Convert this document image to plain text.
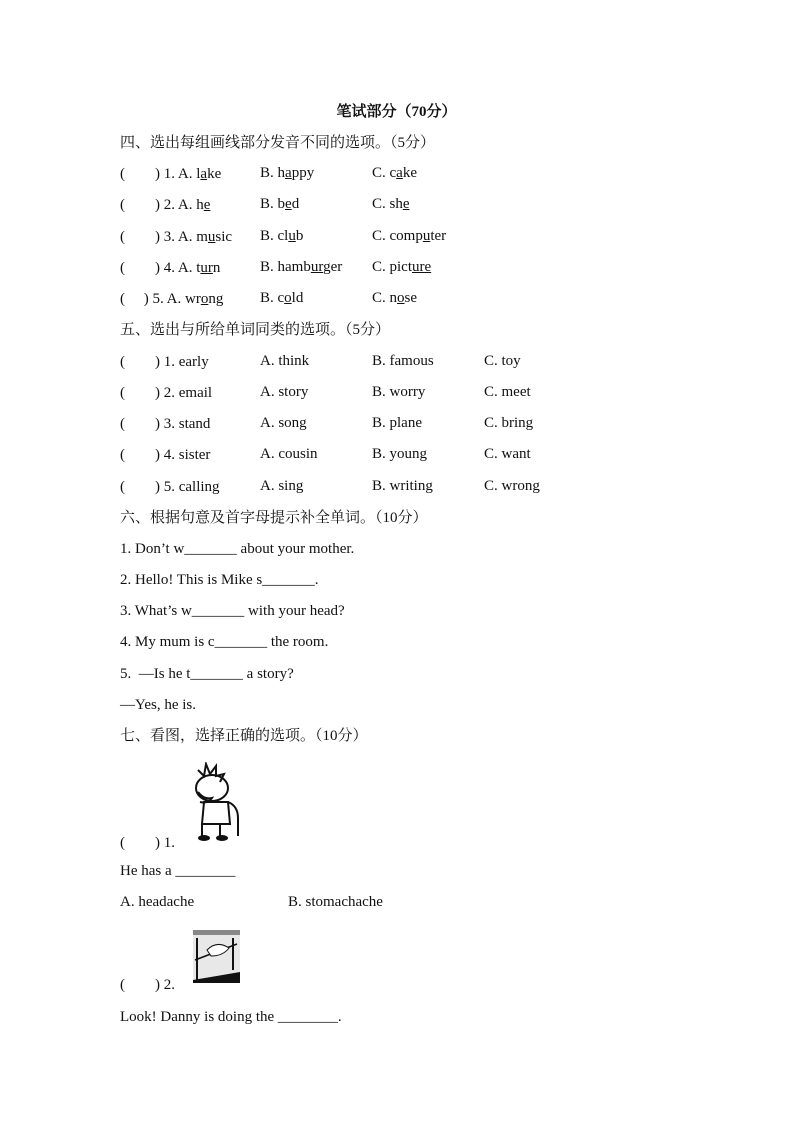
笔试部分（70分）
四、选出每组画线部分发音不同的选项。（5分）
五、选出与所给单词同类的选项。（5分）
六、根据句意及首字母提示补全单词。（10分）
七、看图，选择正确的选项。（10分）
(        ) 1.
He has a ________
A. headache	B. stomachache
(        ) 2.
Look! Danny is doing the ________.
(        ) 1. A. lake	B. happy	C. cake
(        ) 2. A. he	B. bed	C. she
(        ) 3. A. music B. club	C. computer
(        ) 4. A. turn	B. hamburger C. picture
(     ) 5. A. wrong B. cold	C. nose
(        ) 1. early	A. think	B. famous	C. toy
(        ) 2. email	A. story	B. worry	C. meet
(        ) 3. stand	A. song	B. plane	C. bring
(        ) 4. sister	A. cousin	B. young	C. want
(        ) 5. calling	A. sing	B. writing	C. wrong
1. Don’t w_______ about your mother.
2. Hello! This is Mike s_______.
3. What’s w_______ with your head?
4. My mum is c_______ the room.
5.  —Is he t_______ a story?
—Yes, he is.
